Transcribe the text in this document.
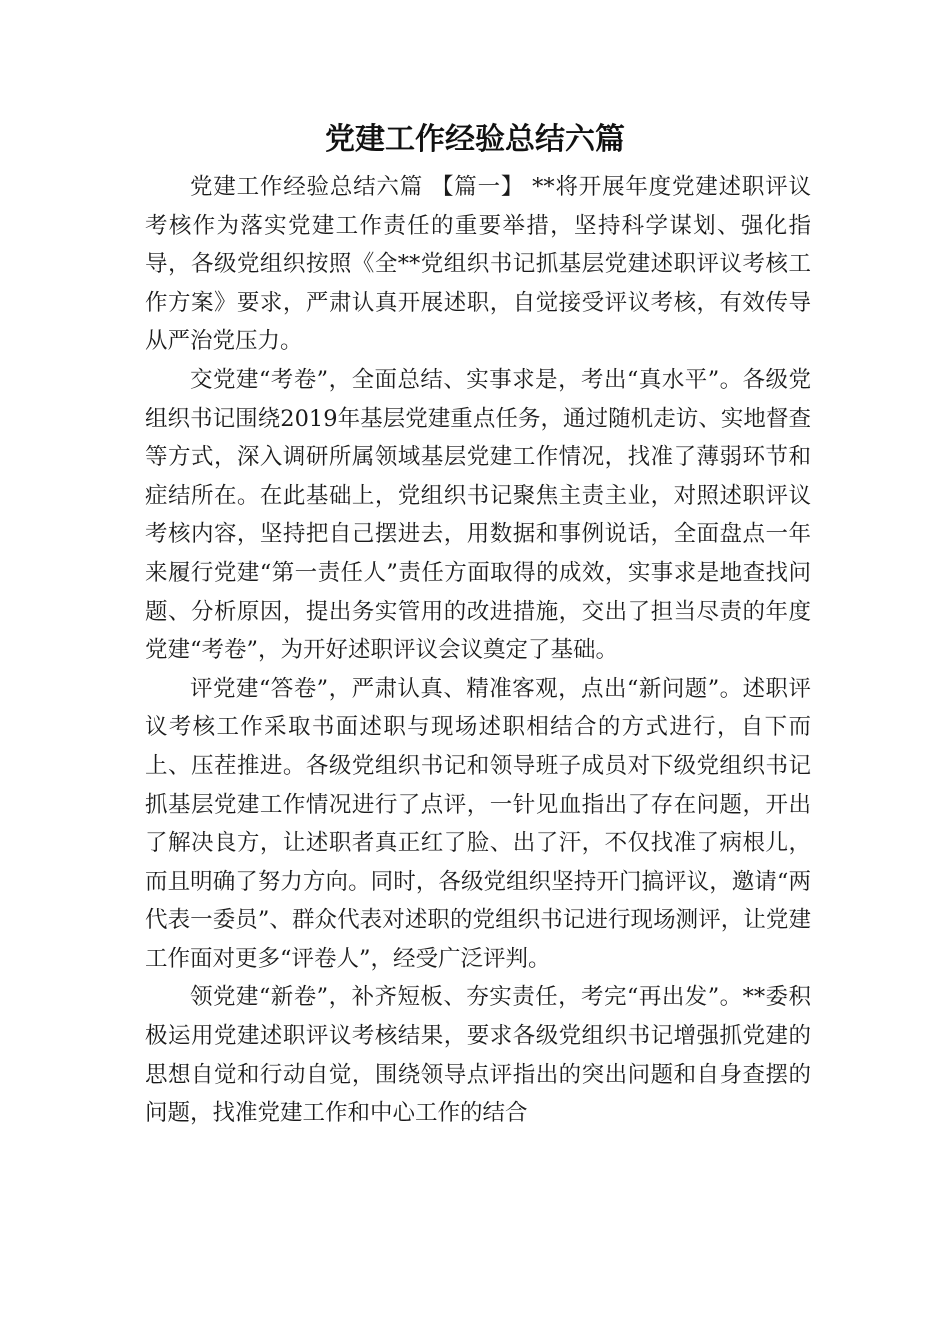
党建工作经验总结六篇

党建工作经验总结六篇 【篇一】 **将开展年度党建述职评议考核作为落实党建工作责任的重要举措，坚持科学谋划、强化指导，各级党组织按照《全**党组织书记抓基层党建述职评议考核工作方案》要求，严肃认真开展述职，自觉接受评议考核，有效传导从严治党压力。

交党建“考卷”，全面总结、实事求是，考出“真水平”。各级党组织书记围绕2019年基层党建重点任务，通过随机走访、实地督查等方式，深入调研所属领域基层党建工作情况，找准了薄弱环节和症结所在。在此基础上，党组织书记聚焦主责主业，对照述职评议考核内容，坚持把自己摆进去，用数据和事例说话，全面盘点一年来履行党建“第一责任人”责任方面取得的成效，实事求是地查找问题、分析原因，提出务实管用的改进措施，交出了担当尽责的年度党建“考卷”，为开好述职评议会议奠定了基础。

评党建“答卷”，严肃认真、精准客观，点出“新问题”。述职评议考核工作采取书面述职与现场述职相结合的方式进行，自下而上、压茬推进。各级党组织书记和领导班子成员对下级党组织书记抓基层党建工作情况进行了点评，一针见血指出了存在问题，开出了解决良方，让述职者真正红了脸、出了汗，不仅找准了病根儿，而且明确了努力方向。同时，各级党组织坚持开门搞评议，邀请“两代表一委员”、群众代表对述职的党组织书记进行现场测评，让党建工作面对更多“评卷人”，经受广泛评判。

领党建“新卷”，补齐短板、夯实责任，考完“再出发”。**委积极运用党建述职评议考核结果，要求各级党组织书记增强抓党建的思想自觉和行动自觉，围绕领导点评指出的突出问题和自身查摆的问题，找准党建工作和中心工作的结合
